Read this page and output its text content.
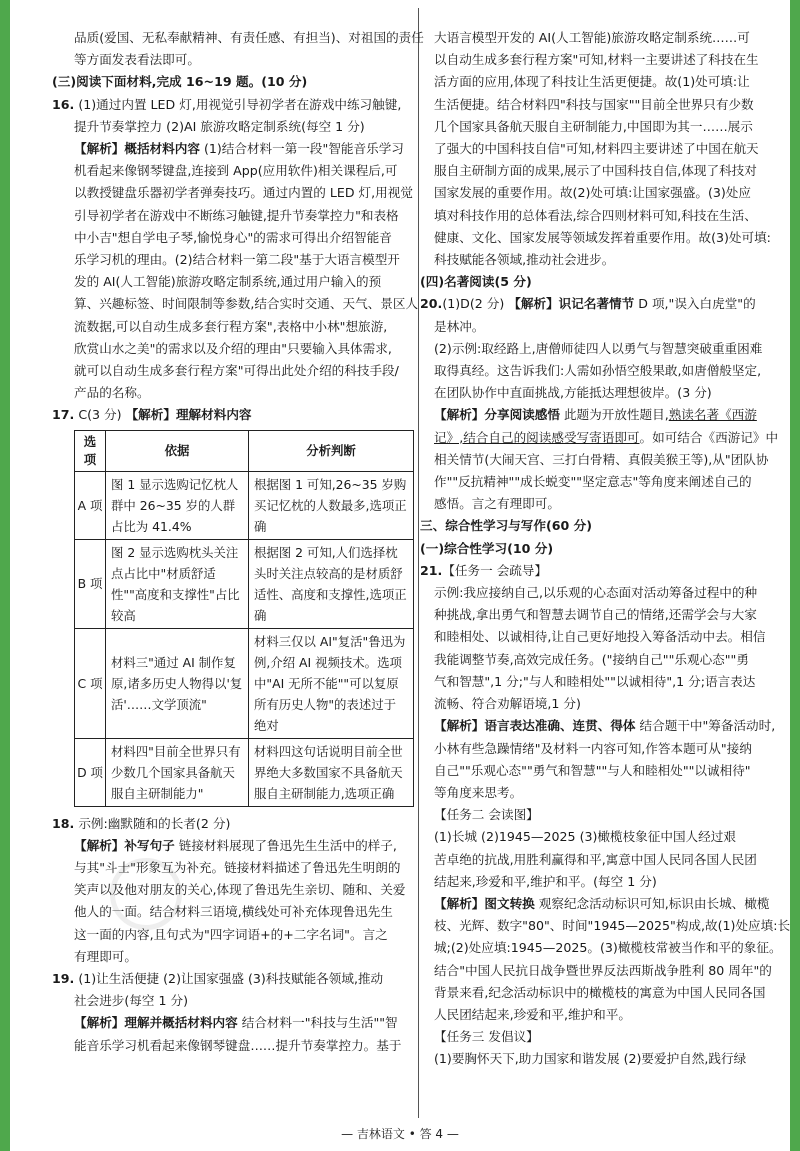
品质(爱国、无私奉献精神、有责任感、有担当)、对祖国的责任

等方面发表看法即可。

(三)阅读下面材料,完成 16~19 题。(10 分)

16. (1)通过内置 LED 灯,用视觉引导初学者在游戏中练习触键,

提升节奏掌控力 (2)AI 旅游攻略定制系统(每空 1 分)

【解析】概括材料内容 (1)结合材料一第一段"智能音乐学习

机看起来像钢琴键盘,连接到 App(应用软件)相关课程后,可

以教授键盘乐器初学者弹奏技巧。通过内置的 LED 灯,用视觉

引导初学者在游戏中不断练习触键,提升节奏掌控力"和表格

中小吉"想自学电子琴,愉悦身心"的需求可得出介绍智能音

乐学习机的理由。(2)结合材料一第二段"基于大语言模型开

发的 AI(人工智能)旅游攻略定制系统,通过用户输入的预

算、兴趣标签、时间限制等参数,结合实时交通、天气、景区人

流数据,可以自动生成多套行程方案",表格中小林"想旅游,

欣赏山水之美"的需求以及介绍的理由"只要输入具体需求,

就可以自动生成多套行程方案"可得出此处介绍的科技手段/

产品的名称。

17. C(3 分) 【解析】理解材料内容

选项	依据	分析判断
A 项	图 1 显示选购记忆枕人群中 26~35 岁的人群占比为 41.4%	根据图 1 可知,26~35 岁购买记忆枕的人数最多,选项正确
B 项	图 2 显示选购枕头关注点占比中"材质舒适性""高度和支撑性"占比较高	根据图 2 可知,人们选择枕头时关注点较高的是材质舒适性、高度和支撑性,选项正确
C 项	材料三"通过 AI 制作复原,诸多历史人物得以'复活'……文学顶流"	材料三仅以 AI"复活"鲁迅为例,介绍 AI 视频技术。选项中"AI 无所不能""可以复原所有历史人物"的表述过于绝对
D 项	材料四"目前全世界只有少数几个国家具备航天服自主研制能力"	材料四这句话说明目前全世界绝大多数国家不具备航天服自主研制能力,选项正确

18. 示例:幽默随和的长者(2 分)

【解析】补写句子 链接材料展现了鲁迅先生生活中的样子,

与其"斗士"形象互为补充。链接材料描述了鲁迅先生明朗的

笑声以及他对朋友的关心,体现了鲁迅先生亲切、随和、关爱

他人的一面。结合材料三语境,横线处可补充体现鲁迅先生

这一面的内容,且句式为"四字词语+的+二字名词"。言之

有理即可。

19. (1)让生活便捷 (2)让国家强盛 (3)科技赋能各领域,推动

社会进步(每空 1 分)

【解析】理解并概括材料内容 结合材料一"科技与生活""智

能音乐学习机看起来像钢琴键盘……提升节奏掌控力。基于

大语言模型开发的 AI(人工智能)旅游攻略定制系统……可

以自动生成多套行程方案"可知,材料一主要讲述了科技在生

活方面的应用,体现了科技让生活更便捷。故(1)处可填:让

生活便捷。结合材料四"科技与国家""目前全世界只有少数

几个国家具备航天服自主研制能力,中国即为其一……展示

了强大的中国科技自信"可知,材料四主要讲述了中国在航天

服自主研制方面的成果,展示了中国科技自信,体现了科技对

国家发展的重要作用。故(2)处可填:让国家强盛。(3)处应

填对科技作用的总体看法,综合四则材料可知,科技在生活、

健康、文化、国家发展等领域发挥着重要作用。故(3)处可填:

科技赋能各领域,推动社会进步。

(四)名著阅读(5 分)

20.(1)D(2 分) 【解析】识记名著情节 D 项,"误入白虎堂"的

是林冲。

(2)示例:取经路上,唐僧师徒四人以勇气与智慧突破重重困难

取得真经。这告诉我们:人需如孙悟空般果敢,如唐僧般坚定,

在团队协作中直面挑战,方能抵达理想彼岸。(3 分)

【解析】分享阅读感悟 此题为开放性题目,熟读名著《西游

记》,结合自己的阅读感受写寄语即可。如可结合《西游记》中

相关情节(大闹天宫、三打白骨精、真假美猴王等),从"团队协

作""反抗精神""成长蜕变""坚定意志"等角度来阐述自己的

感悟。言之有理即可。

三、综合性学习与写作(60 分)

(一)综合性学习(10 分)

21.【任务一 会疏导】

示例:我应接纳自己,以乐观的心态面对活动筹备过程中的种

种挑战,拿出勇气和智慧去调节自己的情绪,还需学会与大家

和睦相处、以诚相待,让自己更好地投入筹备活动中去。相信

我能调整节奏,高效完成任务。("接纳自己""乐观心态""勇

气和智慧",1 分;"与人和睦相处""以诚相待",1 分;语言表达

流畅、符合劝解语境,1 分)

【解析】语言表达准确、连贯、得体 结合题干中"筹备活动时,

小林有些急躁情绪"及材料一内容可知,作答本题可从"接纳

自己""乐观心态""勇气和智慧""与人和睦相处""以诚相待"

等角度来思考。

【任务二 会读图】

(1)长城 (2)1945—2025 (3)橄榄枝象征中国人经过艰

苦卓绝的抗战,用胜利赢得和平,寓意中国人民同各国人民团

结起来,珍爱和平,维护和平。(每空 1 分)

【解析】图文转换 观察纪念活动标识可知,标识由长城、橄榄

枝、光辉、数字"80"、时间"1945—2025"构成,故(1)处应填:长

城;(2)处应填:1945—2025。(3)橄榄枝常被当作和平的象征。

结合"中国人民抗日战争暨世界反法西斯战争胜利 80 周年"的

背景来看,纪念活动标识中的橄榄枝的寓意为中国人民同各国

人民团结起来,珍爱和平,维护和平。

【任务三 发倡议】

(1)要胸怀天下,助力国家和谐发展 (2)要爱护自然,践行绿

— 吉林语文 • 答 4 —
